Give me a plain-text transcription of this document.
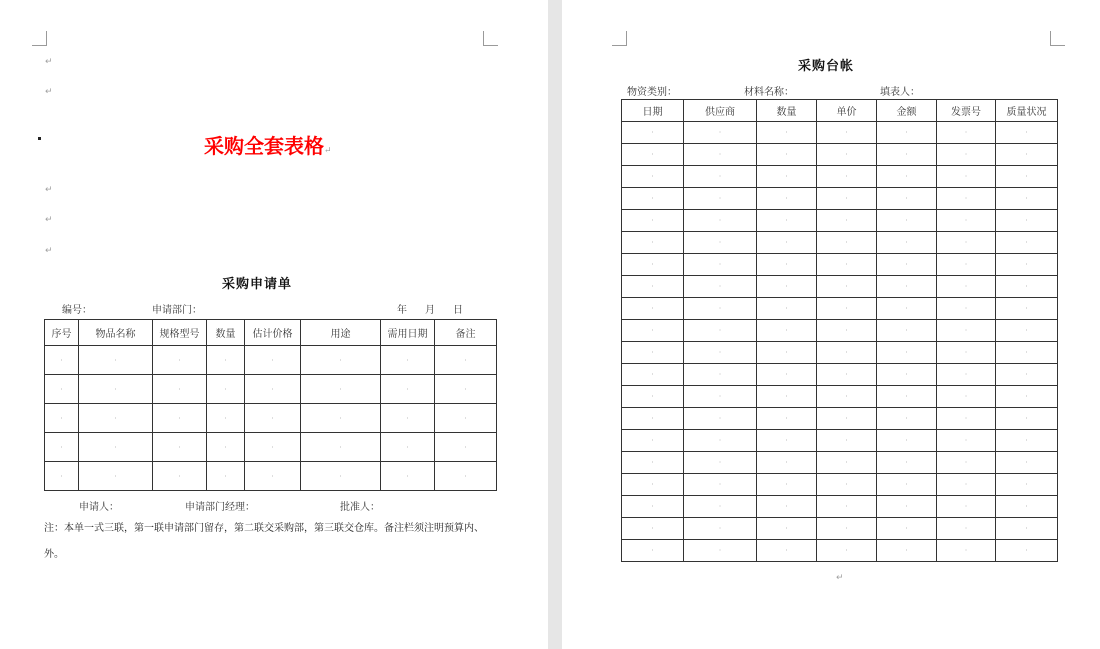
↵
↵
采购全套表格↵
↵
↵
↵
采购申请单
编号：	申请部门：	年 月 日
序号	物品名称	规格型号	数量	估计价格	用途	需用日期	备注
·	·	·	·	·	·	·	·
·	·	·	·	·	·	·	·
·	·	·	·	·	·	·	·
·	·	·	·	·	·	·	·
·	·	·	·	·	·	·	·
申请人：	申请部门经理：	批准人：
注：本单一式三联，第一联申请部门留存，第二联交采购部，第三联交仓库。备注栏须注明预算内、外。
采购台帐
物资类别：	材料名称：	填表人：
日期	供应商	数量	单价	金额	发票号	质量状况
·	·	·	·	·	·	·
·	·	·	·	·	·	·
·	·	·	·	·	·	·
·	·	·	·	·	·	·
·	·	·	·	·	·	·
·	·	·	·	·	·	·
·	·	·	·	·	·	·
·	·	·	·	·	·	·
·	·	·	·	·	·	·
·	·	·	·	·	·	·
·	·	·	·	·	·	·
·	·	·	·	·	·	·
·	·	·	·	·	·	·
·	·	·	·	·	·	·
·	·	·	·	·	·	·
·	·	·	·	·	·	·
·	·	·	·	·	·	·
·	·	·	·	·	·	·
·	·	·	·	·	·	·
·	·	·	·	·	·	·
↵
